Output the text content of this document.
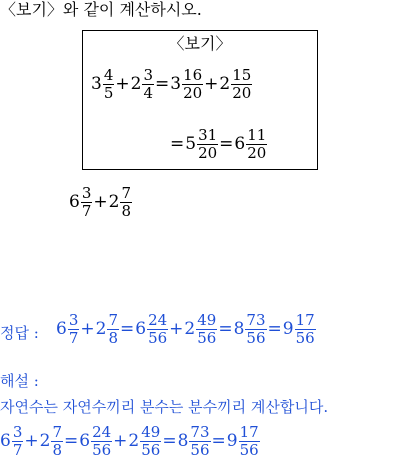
〈보기〉와 같이 계산하시오.
〈보기〉
$3 \frac{4}{5} + 2 \frac{3}{4} = 3 \frac{16}{20} + 2 \frac{15}{20}$
= $5 \frac{31}{20} = 6 \frac{11}{20}$
$6 \frac{3}{7} + 2 \frac{7}{8}$
정답 : $6 \frac{3}{7} + 2 \frac{7}{8} = 6 \frac{24}{56} + 2 \frac{49}{56} = 8 \frac{73}{56} = 9 \frac{17}{56}$
해설 :
자연수는 자연수끼리 분수는 분수끼리 계산합니다.
$6 \frac{3}{7} + 2 \frac{7}{8} = 6 \frac{24}{56} + 2 \frac{49}{56} = 8 \frac{73}{56} = 9 \frac{17}{56}$
